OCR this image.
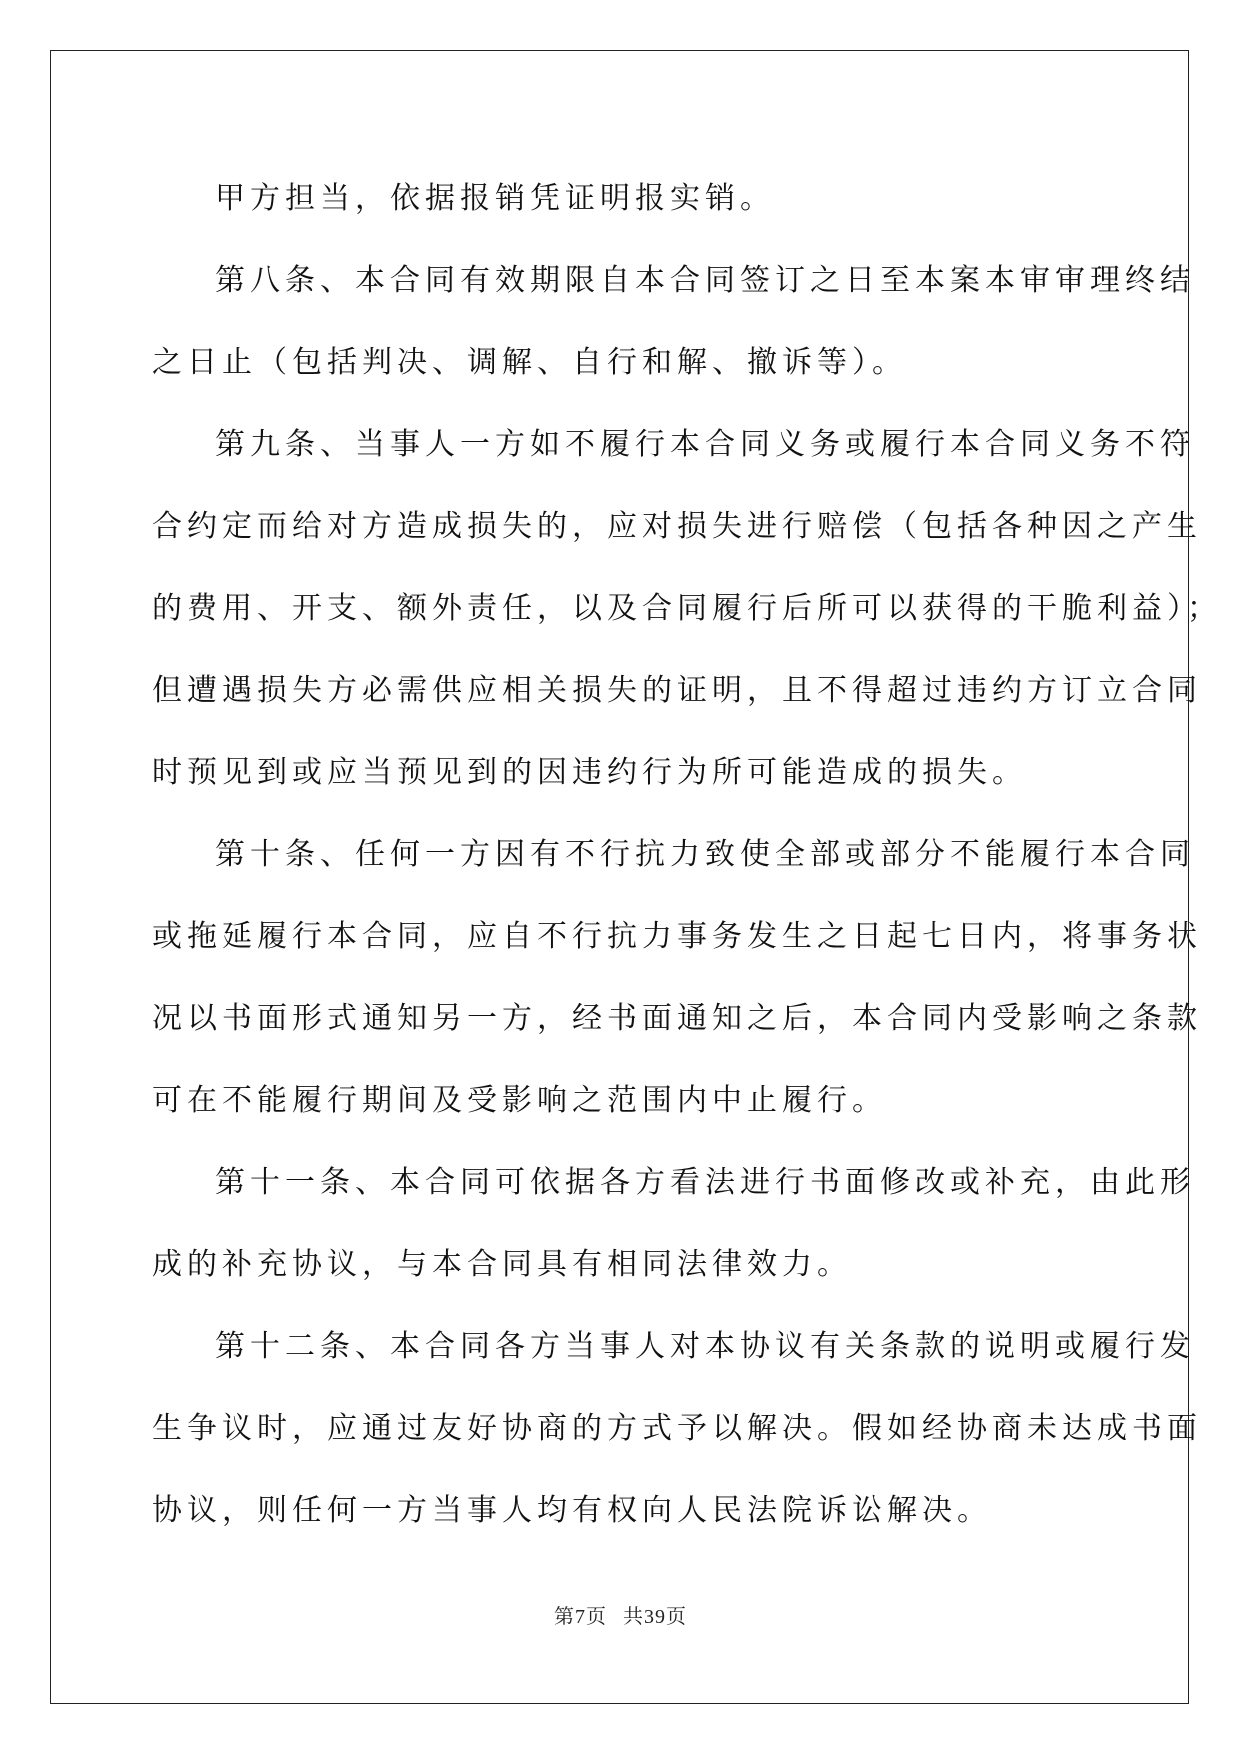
甲方担当，依据报销凭证明报实销。
第八条、本合同有效期限自本合同签订之日至本案本审审理终结
之日止（包括判决、调解、自行和解、撤诉等）。
第九条、当事人一方如不履行本合同义务或履行本合同义务不符
合约定而给对方造成损失的，应对损失进行赔偿（包括各种因之产生
的费用、开支、额外责任，以及合同履行后所可以获得的干脆利益）；
但遭遇损失方必需供应相关损失的证明，且不得超过违约方订立合同
时预见到或应当预见到的因违约行为所可能造成的损失。
第十条、任何一方因有不行抗力致使全部或部分不能履行本合同
或拖延履行本合同，应自不行抗力事务发生之日起七日内，将事务状
况以书面形式通知另一方，经书面通知之后，本合同内受影响之条款
可在不能履行期间及受影响之范围内中止履行。
第十一条、本合同可依据各方看法进行书面修改或补充，由此形
成的补充协议，与本合同具有相同法律效力。
第十二条、本合同各方当事人对本协议有关条款的说明或履行发
生争议时，应通过友好协商的方式予以解决。假如经协商未达成书面
协议，则任何一方当事人均有权向人民法院诉讼解决。
第7页 共39页
